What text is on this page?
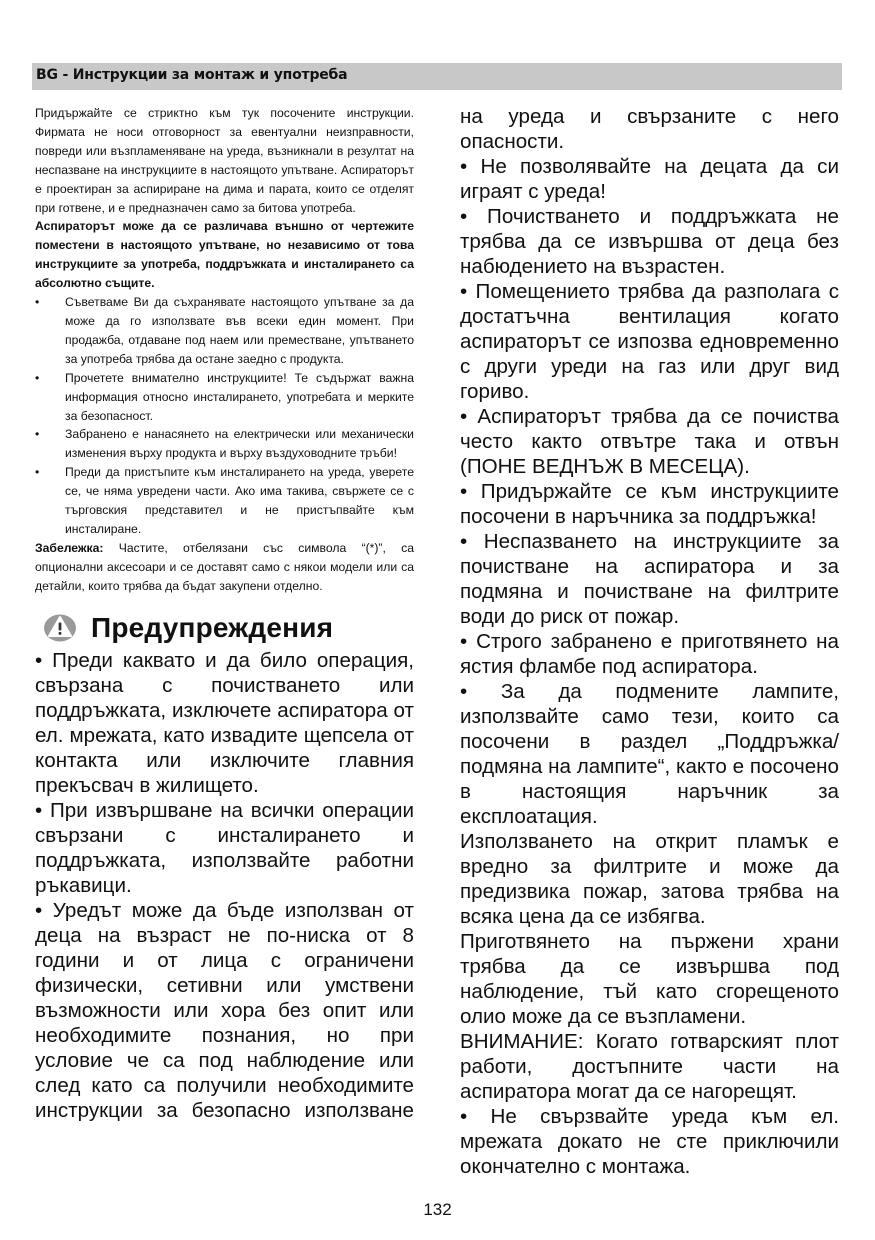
BG - Инструкции за монтаж и употреба

Придържайте се стриктно към тук посочените инструкции. Фирмата не носи отговорност за евентуални неизправности, повреди или възпламеняване на уреда, възникнали в резултат на неспазване на инструкциите в настоящото упътване. Аспираторът е проектиран за аспириране на дима и парата, които се отделят при готвене, и е предназначен само за битова употреба.

Аспираторът може да се различава външно от чертежите поместени в настоящото упътване, но независимо от това инструкциите за употреба, поддръжката и инсталирането са абсолютно същите.

• Съветваме Ви да съхранявате настоящото упътване за да може да го използвате във всеки един момент. При продажба, отдаване под наем или преместване, упътването за употреба трябва да остане заедно с продукта.
• Прочетете внимателно инструкциите! Те съдържат важна информация относно инсталирането, употребата и мерките за безопасност.
• Забранено е нанасянето на електрически или механически изменения върху продукта и върху въздуховодните тръби!
• Преди да пристъпите към инсталирането на уреда, уверете се, че няма увредени части. Ако има такива, свържете се с търговския представител и не пристъпвайте към инсталиране.

Забележка: Частите, отбелязани със символа “(*)”, са опционални аксесоари и се доставят само с някои модели или са детайли, които трябва да бъдат закупени отделно.

Предупреждения

• Преди каквато и да било операция, свързана с почистването или поддръжката, изключете аспиратора от ел. мрежата, като извадите щепсела от контакта или изключите главния прекъсвач в жилището.

• При извършване на всички операции свързани с инсталирането и поддръжката, използвайте работни ръкавици.

• Уредът може да бъде използван от деца на възраст не по-ниска от 8 години и от лица с ограничени физически, сетивни или умствени възможности или хора без опит или необходимите познания, но при условие че са под наблюдение или след като са получили необходимите инструкции за безопасно използване

на уреда и свързаните с него опасности.

• Не позволявайте на децата да си играят с уреда!

• Почистването и поддръжката не трябва да се извършва от деца без набюдението на възрастен.

• Помещението трябва да разполага с достатъчна вентилация когато аспираторът се изпозва едновременно с други уреди на газ или друг вид гориво.

• Аспираторът трябва да се почиства често както отвътре така и отвън (ПОНЕ ВЕДНЪЖ В МЕСЕЦА).

• Придържайте се към инструкциите посочени в наръчника за поддръжка!

• Неспазването на инструкциите за почистване на аспиратора и за подмяна и почистване на филтрите води до риск от пожар.

• Строго забранено е приготвянето на ястия фламбе под аспиратора.

• За да подмените лампите, използвайте само тези, които са посочени в раздел „Поддръжка/подмяна на лампите“, както е посочено в настоящия наръчник за експлоатация.

Използването на открит пламък е вредно за филтрите и може да предизвика пожар, затова трябва на всяка цена да се избягва.

Приготвянето на пържени храни трябва да се извършва под наблюдение, тъй като сгорещеното олио може да се възпламени.

ВНИМАНИЕ: Когато готварският плот работи, достъпните части на аспиратора могат да се нагорещят.

• Не свързвайте уреда към ел. мрежата докато не сте приключили окончателно с монтажа.

132
